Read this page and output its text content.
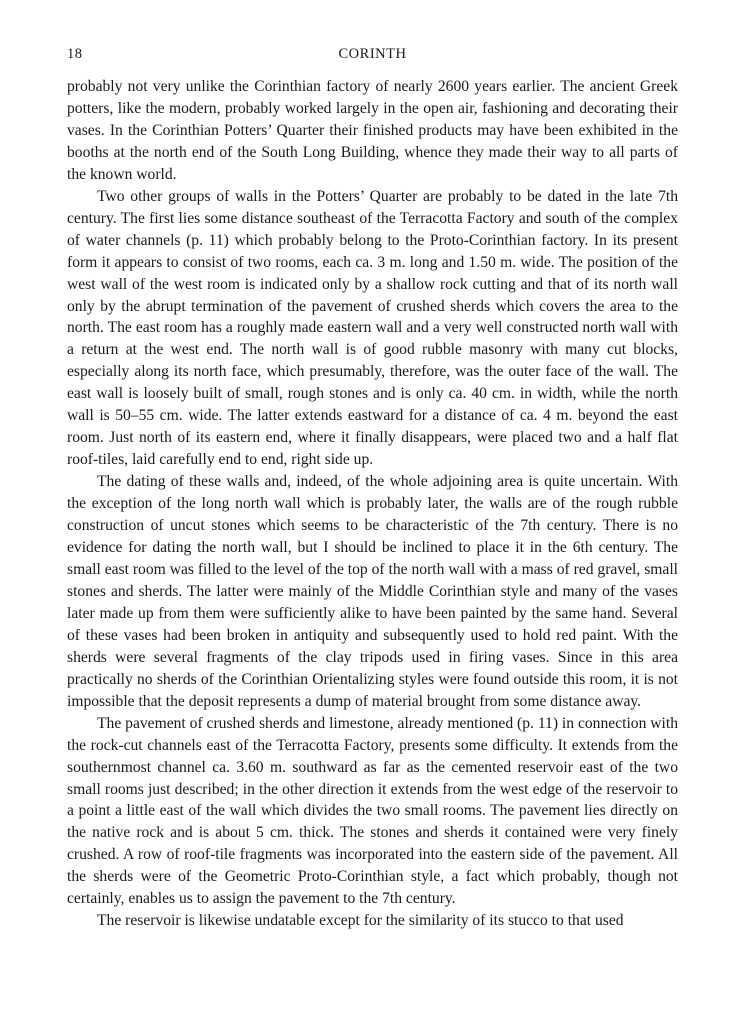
18	CORINTH

probably not very unlike the Corinthian factory of nearly 2600 years earlier. The ancient Greek potters, like the modern, probably worked largely in the open air, fashioning and decorating their vases. In the Corinthian Potters’ Quarter their finished products may have been exhibited in the booths at the north end of the South Long Building, whence they made their way to all parts of the known world.

Two other groups of walls in the Potters’ Quarter are probably to be dated in the late 7th century. The first lies some distance southeast of the Terracotta Factory and south of the complex of water channels (p. 11) which probably belong to the Proto-Corinthian factory. In its present form it appears to consist of two rooms, each ca. 3 m. long and 1.50 m. wide. The position of the west wall of the west room is indicated only by a shallow rock cutting and that of its north wall only by the abrupt termination of the pavement of crushed sherds which covers the area to the north. The east room has a roughly made eastern wall and a very well constructed north wall with a return at the west end. The north wall is of good rubble masonry with many cut blocks, especially along its north face, which presumably, therefore, was the outer face of the wall. The east wall is loosely built of small, rough stones and is only ca. 40 cm. in width, while the north wall is 50–55 cm. wide. The latter extends eastward for a distance of ca. 4 m. beyond the east room. Just north of its eastern end, where it finally disappears, were placed two and a half flat roof-tiles, laid carefully end to end, right side up.

The dating of these walls and, indeed, of the whole adjoining area is quite uncertain. With the exception of the long north wall which is probably later, the walls are of the rough rubble construction of uncut stones which seems to be characteristic of the 7th century. There is no evidence for dating the north wall, but I should be inclined to place it in the 6th century. The small east room was filled to the level of the top of the north wall with a mass of red gravel, small stones and sherds. The latter were mainly of the Middle Corinthian style and many of the vases later made up from them were sufficiently alike to have been painted by the same hand. Several of these vases had been broken in antiquity and subsequently used to hold red paint. With the sherds were several fragments of the clay tripods used in firing vases. Since in this area practically no sherds of the Corinthian Orientalizing styles were found outside this room, it is not impossible that the deposit represents a dump of material brought from some distance away.

The pavement of crushed sherds and limestone, already mentioned (p. 11) in connection with the rock-cut channels east of the Terracotta Factory, presents some difficulty. It extends from the southernmost channel ca. 3.60 m. southward as far as the cemented reservoir east of the two small rooms just described; in the other direction it extends from the west edge of the reservoir to a point a little east of the wall which divides the two small rooms. The pavement lies directly on the native rock and is about 5 cm. thick. The stones and sherds it contained were very finely crushed. A row of roof-tile fragments was incorporated into the eastern side of the pavement. All the sherds were of the Geometric Proto-Corinthian style, a fact which probably, though not certainly, enables us to assign the pavement to the 7th century.

The reservoir is likewise undatable except for the similarity of its stucco to that used
